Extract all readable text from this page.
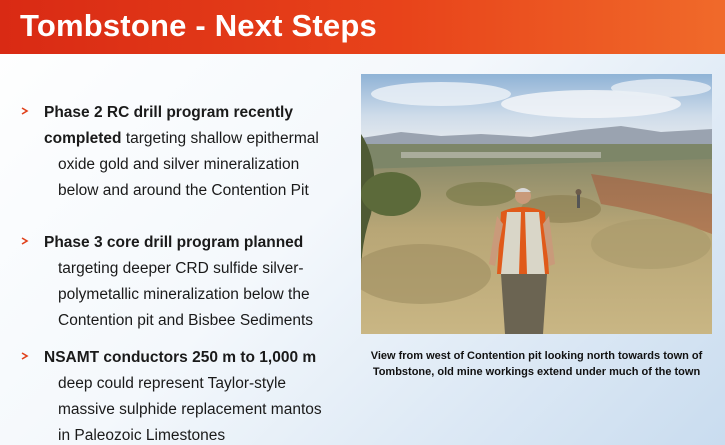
Tombstone - Next Steps
Phase 2 RC drill program recently
completed targeting shallow epithermal
oxide gold and silver mineralization
below and around the Contention Pit
Phase 3 core drill program planned
targeting deeper CRD sulfide silver-
polymetallic mineralization below the
Contention pit and Bisbee Sediments
NSAMT conductors 250 m to 1,000 m
deep could represent Taylor-style
massive sulphide replacement mantos
in Paleozoic Limestones
View from west of Contention pit looking north towards town of
Tombstone, old mine workings extend under much of the town
